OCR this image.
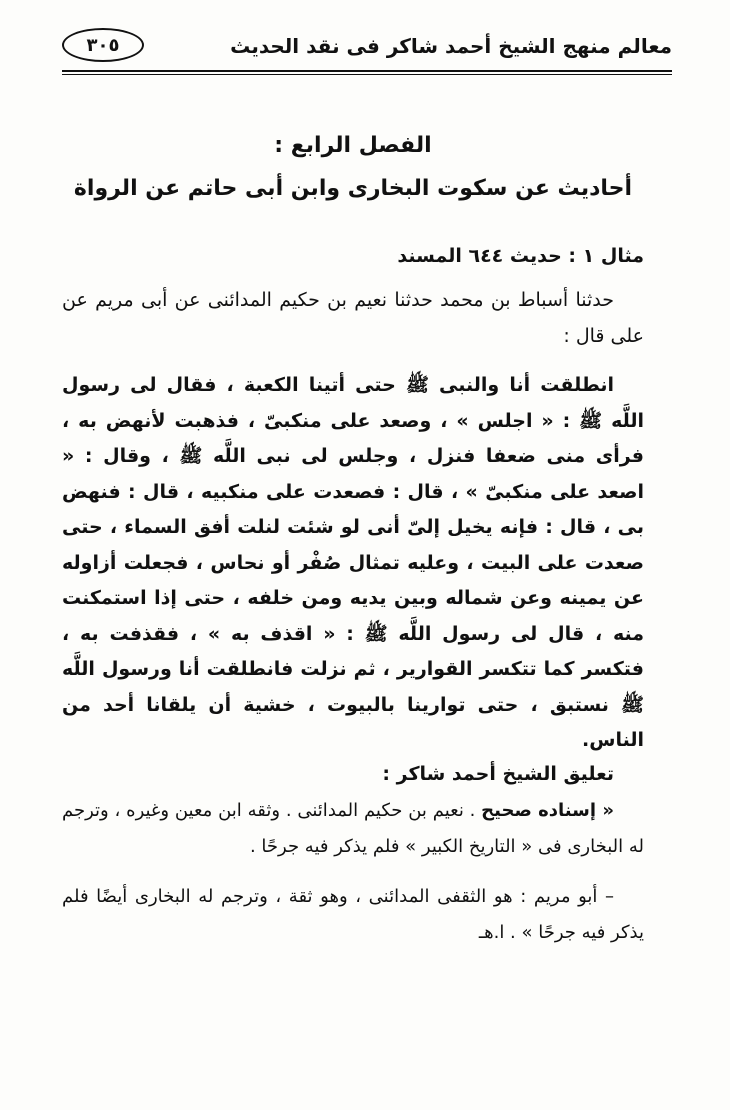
معالم منهج الشيخ أحمد شاكر فى نقد الحديث
٣٠٥
الفصل الرابع :
أحاديث عن سكوت البخارى وابن أبى حاتم عن الرواة
مثال ١ : حديث ٦٤٤ المسند

حدثنا أسباط بن محمد حدثنا نعيم بن حكيم المدائنى عن أبى مريم عن على قال :

انطلقت أنا والنبى ﷺ حتى أتينا الكعبة ، فقال لى رسول اللَّه ﷺ : « اجلس » ، وصعد على منكبىّ ، فذهبت لأنهض به ، فرأى منى ضعفا فنزل ، وجلس لى نبى اللَّه ﷺ ، وقال : « اصعد على منكبىّ » ، قال : فصعدت على منكبيه ، قال : فنهض بى ، قال : فإنه يخيل إلىّ أنى لو شئت لنلت أفق السماء ، حتى صعدت على البيت ، وعليه تمثال صُفْر أو نحاس ، فجعلت أزاوله عن يمينه وعن شماله وبين يديه ومن خلفه ، حتى إذا استمكنت منه ، قال لى رسول اللَّه ﷺ : « اقذف به » ، فقذفت به ، فتكسر كما تتكسر القوارير ، ثم نزلت فانطلقت أنا ورسول اللَّه ﷺ نستبق ، حتى توارينا بالبيوت ، خشية أن يلقانا أحد من الناس.

تعليق الشيخ أحمد شاكر :

« إسناده صحيح . نعيم بن حكيم المدائنى . وثقه ابن معين وغيره ، وترجم له البخارى فى « التاريخ الكبير » فلم يذكر فيه جرحًا .

– أبو مريم : هو الثقفى المدائنى ، وهو ثقة ، وترجم له البخارى أيضًا فلم يذكر فيه جرحًا » . ا.هـ
